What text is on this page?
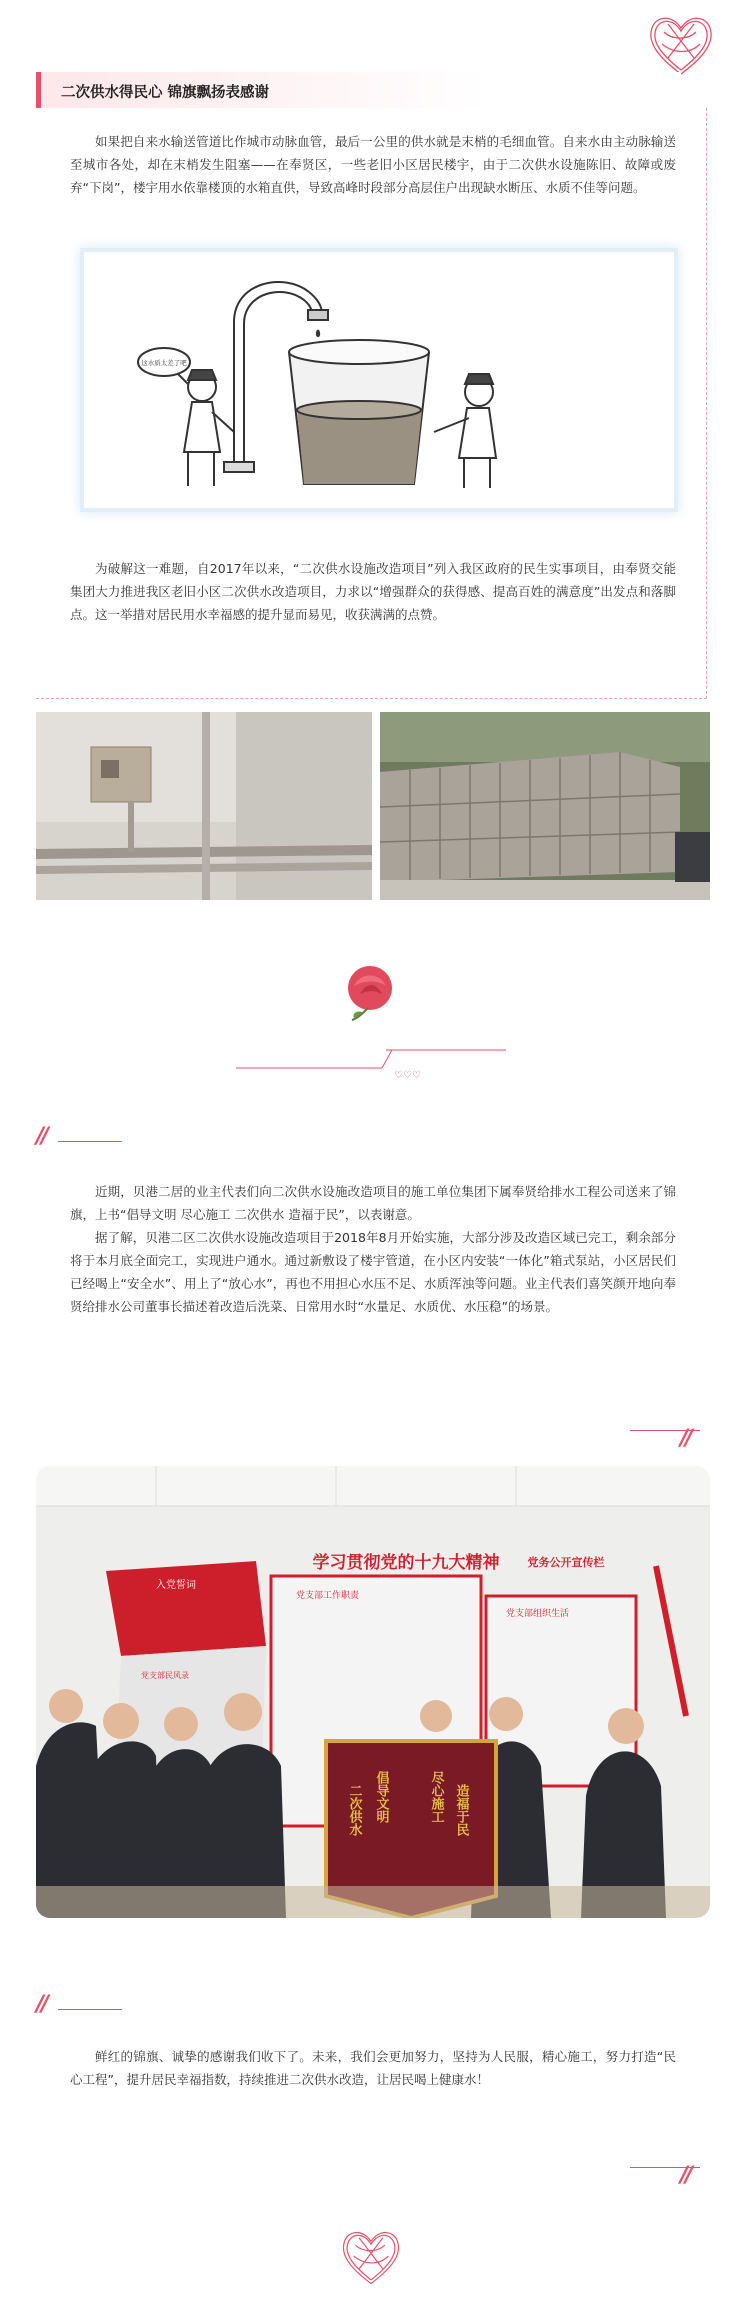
二次供水得民心 锦旗飘扬表感谢

如果把自来水输送管道比作城市动脉血管，最后一公里的供水就是末梢的毛细血管。自来水由主动脉输送至城市各处，却在末梢发生阻塞——在奉贤区，一些老旧小区居民楼宇，由于二次供水设施陈旧、故障或废弃“下岗”，楼宇用水依靠楼顶的水箱直供，导致高峰时段部分高层住户出现缺水断压、水质不佳等问题。

这水质太差了吧

为破解这一难题，自2017年以来，“二次供水设施改造项目”列入我区政府的民生实事项目，由奉贤交能集团大力推进我区老旧小区二次供水改造项目，力求以“增强群众的获得感、提高百姓的满意度”出发点和落脚点。这一举措对居民用水幸福感的提升显而易见，收获满满的点赞。

♡♡♡
//

近期，贝港二居的业主代表们向二次供水设施改造项目的施工单位集团下属奉贤给排水工程公司送来了锦旗，上书“倡导文明 尽心施工 二次供水 造福于民”，以表谢意。

据了解，贝港二区二次供水设施改造项目于2018年8月开始实施，大部分涉及改造区域已完工，剩余部分将于本月底全面完工，实现进户通水。通过新敷设了楼宇管道，在小区内安装“一体化”箱式泵站，小区居民们已经喝上“安全水”、用上了“放心水”，再也不用担心水压不足、水质浑浊等问题。业主代表们喜笑颜开地向奉贤给排水公司董事长描述着改造后洗菜、日常用水时“水量足、水质优、水压稳”的场景。

//
学习贯彻党的十九大精神	党务公开宣传栏
入党誓词
党支部工作职责
党支部组织生活
党支部民风录
二次供水 倡导文明	尽心施工 造福于民
//

鲜红的锦旗、诚挚的感谢我们收下了。未来，我们会更加努力，坚持为人民服，精心施工，努力打造“民心工程”，提升居民幸福指数，持续推进二次供水改造，让居民喝上健康水！

//
